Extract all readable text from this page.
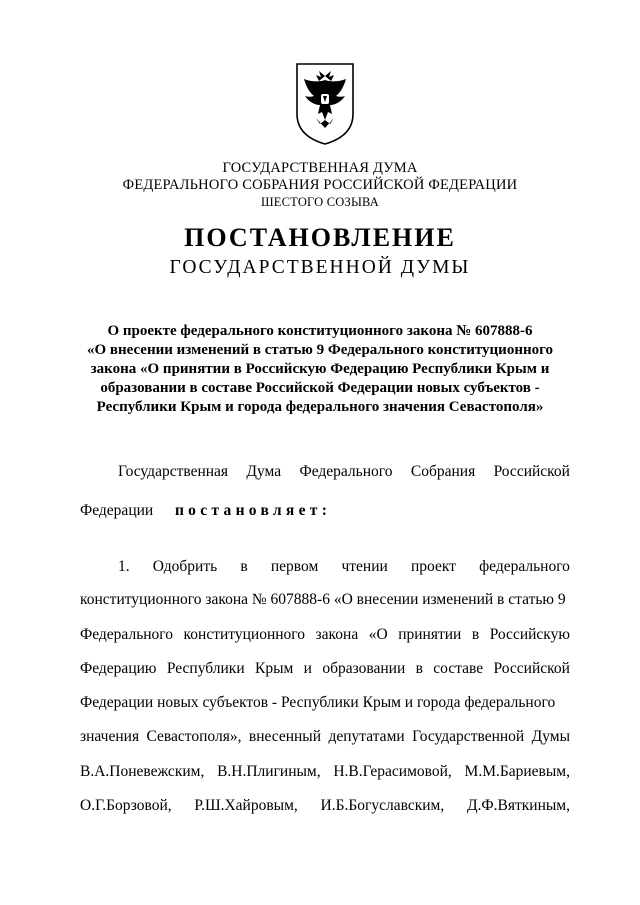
ГОСУДАРСТВЕННАЯ ДУМА
ФЕДЕРАЛЬНОГО СОБРАНИЯ РОССИЙСКОЙ ФЕДЕРАЦИИ
ШЕСТОГО СОЗЫВА
ПОСТАНОВЛЕНИЕ
ГОСУДАРСТВЕННОЙ ДУМЫ
О проекте федерального конституционного закона № 607888-6
«О внесении изменений в статью 9 Федерального конституционного
закона «О принятии в Российскую Федерацию Республики Крым и
образовании в составе Российской Федерации новых субъектов -
Республики Крым и города федерального значения Севастополя»
Государственная Дума Федерального Собрания Российской
Федерации постановляет:
1. Одобрить в первом чтении проект федерального
конституционного закона № 607888-6 «О внесении изменений в статью 9
Федерального конституционного закона «О принятии в Российскую
Федерацию Республики Крым и образовании в составе Российской
Федерации новых субъектов - Республики Крым и города федерального
значения Севастополя», внесенный депутатами Государственной Думы
В.А.Поневежским, В.Н.Плигиным, Н.В.Герасимовой, М.М.Бариевым,
О.Г.Борзовой, Р.Ш.Хайровым, И.Б.Богуславским, Д.Ф.Вяткиным,
